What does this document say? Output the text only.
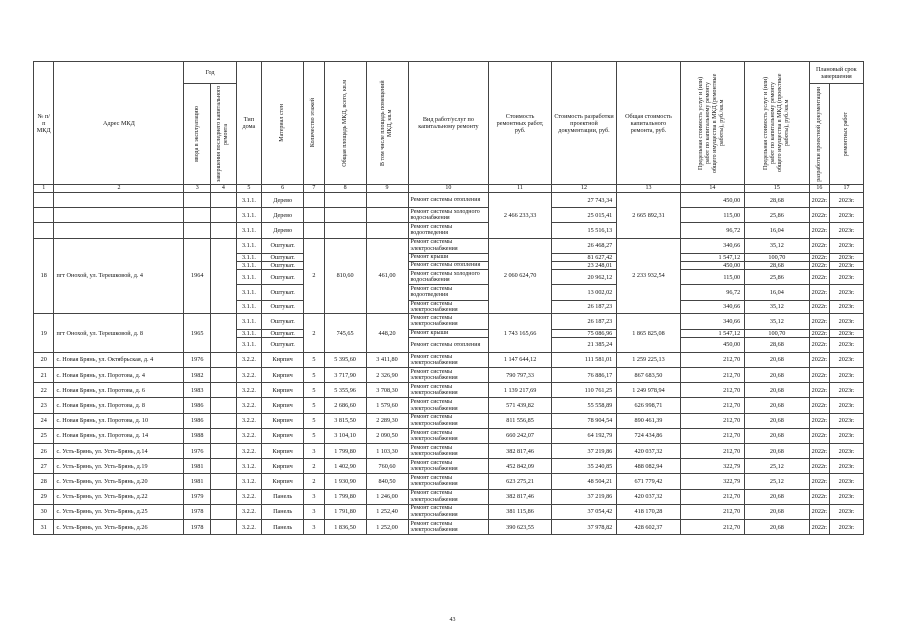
№ п/п МКД	Адрес МКД	Год		Тип дома	Материал стен	Количество этажей	Общая площадь МКД, всего, кв.м	В том числе площадь помещений МКД, кв.м	Вид работ/услуг по капитальному ремонту	Стоимость ремонтных работ, руб.	Стоимость разработки проектной документации, руб.	Общая стоимость капитального ремонта, руб.	Предельная стоимость услуг и (или) работ по капитальному ремонту общего имущества в МКД (ремонтные работы), руб./кв.м	Предельная стоимость услуг и (или) работ по капитальному ремонту общего имущества в МКД (проектные работы), руб./кв.м	Плановый срок завершения	

		ввода в эксплуатацию	завершения последнего капитального ремонта												разработки проектной документации	ремонтных работ

1	2	3	4	5	6	7	8	9	10	11	12	13	14	15	16	17
				3.1.1.	Дерево				Ремонт системы отопления	2 466 233,33	27 743,34	2 665 892,31	450,00	28,68	2022г.	2023г.
				3.1.1.	Дерево				Ремонт системы холодного водоснабжения		25 015,41		115,00	25,86	2022г.	2023г.
				3.1.1.	Дерево				Ремонт системы водоотведения		15 516,13		96,72	16,04	2022г.	2023г.
18	пгт Онохой, ул. Терешковой, д. 4	1964		3.1.1.	Оштукат.	2	810,60	461,00	Ремонт системы электроснабжения	2 060 624,70	26 468,27	2 233 932,54	340,66	35,12	2022г.	2023г.
				3.1.1.	Оштукат.				Ремонт крыши		81 627,42		1 547,12	100,70	2022г.	2023г.
				3.1.1.	Оштукат.				Ремонт системы отопления		23 248,01		450,00	28,68	2022г.	2023г.
				3.1.1.	Оштукат.				Ремонт системы холодного водоснабжения		20 962,12		115,00	25,86	2022г.	2023г.
				3.1.1.	Оштукат.				Ремонт системы водоотведения		13 002,02		96,72	16,04	2022г.	2023г.
				3.1.1.	Оштукат.				Ремонт системы электроснабжения		26 187,23		340,66	35,12	2022г.	2023г.
19	пгт Онохой, ул. Терешковой, д. 8	1965		3.1.1.	Оштукат.	2	745,65	448,20	Ремонт системы электроснабжения	1 743 165,66	26 187,23	1 865 825,08	340,66	35,12	2022г.	2023г.
				3.1.1.	Оштукат.				Ремонт крыши		75 086,96		1 547,12	100,70	2022г.	2023г.
				3.1.1.	Оштукат.				Ремонт системы отопления		21 385,24		450,00	28,68	2022г.	2023г.
20	с. Новая Брянь, ул. Октябрьская, д. 4	1976		3.2.2.	Кирпич	5	5 395,60	3 411,80	Ремонт системы электроснабжения	1 147 644,12	111 581,01	1 259 225,13	212,70	20,68	2022г.	2023г.
21	с. Новая Брянь, ул. Поротова, д. 4	1982		3.2.2.	Кирпич	5	3 717,90	2 326,90	Ремонт системы электроснабжения	790 797,33	76 886,17	867 683,50	212,70	20,68	2022г.	2023г.
22	с. Новая Брянь, ул. Поротова, д. 6	1983		3.2.2.	Кирпич	5	5 355,96	3 708,30	Ремонт системы электроснабжения	1 139 217,69	110 761,25	1 249 978,94	212,70	20,68	2022г.	2023г.
23	с. Новая Брянь, ул. Поротова, д. 8	1986		3.2.2.	Кирпич	5	2 686,60	1 579,60	Ремонт системы электроснабжения	571 439,82	55 558,89	626 998,71	212,70	20,68	2022г.	2023г.
24	с. Новая Брянь, ул. Поротова, д. 10	1986		3.2.2.	Кирпич	5	3 815,50	2 289,30	Ремонт системы электроснабжения	811 556,85	78 904,54	890 461,39	212,70	20,68	2022г.	2023г.
25	с. Новая Брянь, ул. Поротова, д. 14	1988		3.2.2.	Кирпич	5	3 104,10	2 090,50	Ремонт системы электроснабжения	660 242,07	64 192,79	724 434,86	212,70	20,68	2022г.	2023г.
26	с. Усть-Брянь, ул. Усть-Брянь, д.14	1976		3.2.2.	Кирпич	3	1 799,80	1 103,30	Ремонт системы электроснабжения	382 817,46	37 219,86	420 037,32	212,70	20,68	2022г.	2023г.
27	с. Усть-Брянь, ул. Усть-Брянь, д.19	1981		3.1.2.	Кирпич	2	1 402,90	760,60	Ремонт системы электроснабжения	452 842,09	35 240,85	488 082,94	322,79	25,12	2022г.	2023г.
28	с. Усть-Брянь, ул. Усть-Брянь, д.20	1981		3.1.2.	Кирпич	2	1 930,90	840,50	Ремонт системы электроснабжения	623 275,21	48 504,21	671 779,42	322,79	25,12	2022г.	2023г.
29	с. Усть-Брянь, ул. Усть-Брянь, д.22	1979		3.2.2.	Панель	3	1 799,80	1 246,00	Ремонт системы электроснабжения	382 817,46	37 219,86	420 037,32	212,70	20,68	2022г.	2023г.
30	с. Усть-Брянь, ул. Усть-Брянь, д.25	1978		3.2.2.	Панель	3	1 791,80	1 252,40	Ремонт системы электроснабжения	381 115,86	37 054,42	418 170,28	212,70	20,68	2022г.	2023г.
31	с. Усть-Брянь, ул. Усть-Брянь, д.26	1978		3.2.2.	Панель	3	1 836,50	1 252,00	Ремонт системы электроснабжения	390 623,55	37 978,82	428 602,37	212,70	20,68	2022г.	2023г.
43
